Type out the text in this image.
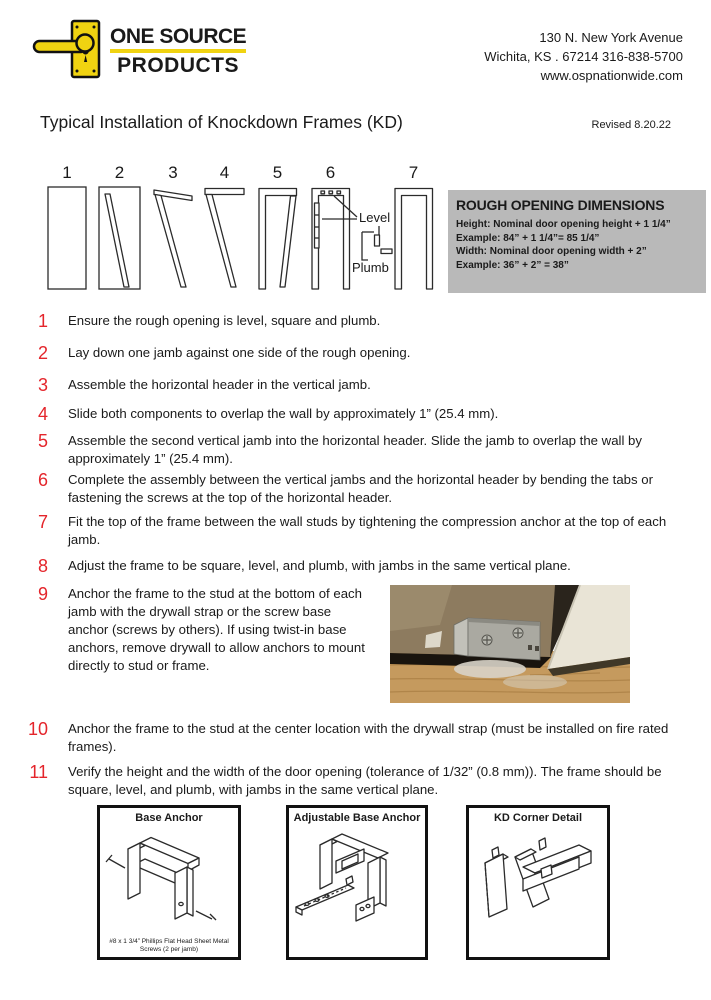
ONE SOURCE
PRODUCTS
130 N. New York Avenue
Wichita, KS . 67214 316-838-5700
www.ospnationwide.com
Typical Installation of Knockdown Frames (KD)	Revised 8.20.22
1	2	3	4	5	6	7
Level
Plumb
ROUGH OPENING DIMENSIONS
Height: Nominal door opening height + 1 1/4”
Example: 84” + 1 1/4”= 85 1/4”
Width: Nominal door opening width + 2”
Example: 36” + 2” = 38”
1 Ensure the rough opening is level, square and plumb.
2 Lay down one jamb against one side of the rough opening.
3 Assemble the horizontal header in the vertical jamb.
4 Slide both components to overlap the wall by approximately 1” (25.4 mm).
5 Assemble the second vertical jamb into the horizontal header. Slide the jamb to overlap the wall by approximately 1” (25.4 mm).
6 Complete the assembly between the vertical jambs and the horizontal header by bending the tabs or fastening the screws at the top of the horizontal header.
7 Fit the top of the frame between the wall studs by tightening the compression anchor at the top of each jamb.
8 Adjust the frame to be square, level, and plumb, with jambs in the same vertical plane.
9 Anchor the frame to the stud at the bottom of each jamb with the drywall strap or the screw base anchor (screws by others). If using twist-in base anchors, remove drywall to allow anchors to mount directly to stud or frame.
10 Anchor the frame to the stud at the center location with the drywall strap (must be installed on fire rated frames).
11 Verify the height and the width of the door opening (tolerance of 1/32” (0.8 mm)). The frame should be square, level, and plumb, with jambs in the same vertical plane.
Base Anchor
#8 x 1 3/4” Phillips Flat Head Sheet Metal Screws (2 per jamb)
Adjustable Base Anchor	KD Corner Detail
